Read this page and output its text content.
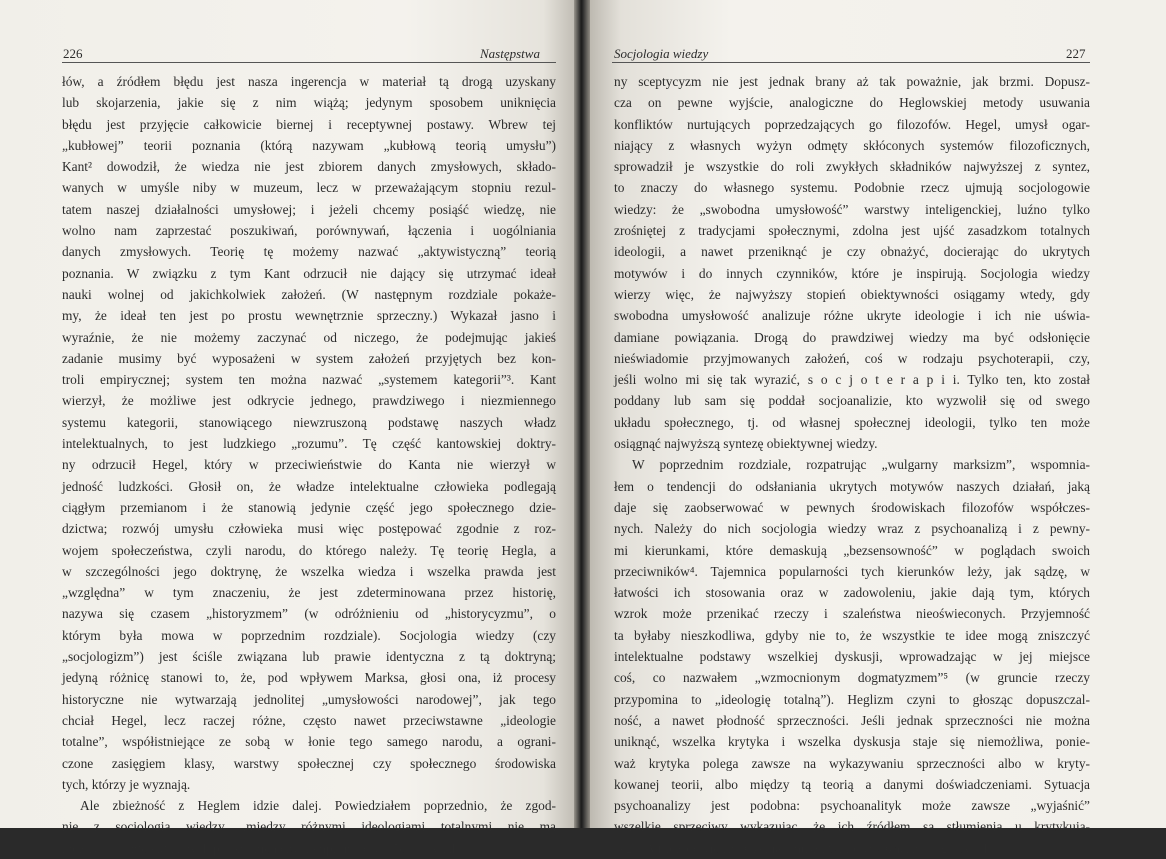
226	Następstwa
łów, a źródłem błędu jest nasza ingerencja w materiał tą drogą uzyskany
lub skojarzenia, jakie się z nim wiążą; jedynym sposobem uniknięcia
błędu jest przyjęcie całkowicie biernej i receptywnej postawy. Wbrew tej
„kubłowej” teorii poznania (którą nazywam „kubłową teorią umysłu”)
Kant² dowodził, że wiedza nie jest zbiorem danych zmysłowych, składo-
wanych w umyśle niby w muzeum, lecz w przeważającym stopniu rezul-
tatem naszej działalności umysłowej; i jeżeli chcemy posiąść wiedzę, nie
wolno nam zaprzestać poszukiwań, porównywań, łączenia i uogólniania
danych zmysłowych. Teorię tę możemy nazwać „aktywistyczną” teorią
poznania. W związku z tym Kant odrzucił nie dający się utrzymać ideał
nauki wolnej od jakichkolwiek założeń. (W następnym rozdziale pokaże-
my, że ideał ten jest po prostu wewnętrznie sprzeczny.) Wykazał jasno i
wyraźnie, że nie możemy zaczynać od niczego, że podejmując jakieś
zadanie musimy być wyposażeni w system założeń przyjętych bez kon-
troli empirycznej; system ten można nazwać „systemem kategorii”³. Kant
wierzył, że możliwe jest odkrycie jednego, prawdziwego i niezmiennego
systemu kategorii, stanowiącego niewzruszoną podstawę naszych władz
intelektualnych, to jest ludzkiego „rozumu”. Tę część kantowskiej doktry-
ny odrzucił Hegel, który w przeciwieństwie do Kanta nie wierzył w
jedność ludzkości. Głosił on, że władze intelektualne człowieka podlegają
ciągłym przemianom i że stanowią jedynie część jego społecznego dzie-
dzictwa; rozwój umysłu człowieka musi więc postępować zgodnie z roz-
wojem społeczeństwa, czyli narodu, do którego należy. Tę teorię Hegla, a
w szczególności jego doktrynę, że wszelka wiedza i wszelka prawda jest
„względna” w tym znaczeniu, że jest zdeterminowana przez historię,
nazywa się czasem „historyzmem” (w odróżnieniu od „historycyzmu”, o
którym była mowa w poprzednim rozdziale). Socjologia wiedzy (czy
„socjologizm”) jest ściśle związana lub prawie identyczna z tą doktryną;
jedyną różnicę stanowi to, że, pod wpływem Marksa, głosi ona, iż procesy
historyczne nie wytwarzają jednolitej „umysłowości narodowej”, jak tego
chciał Hegel, lecz raczej różne, często nawet przeciwstawne „ideologie
totalne”, współistniejące ze sobą w łonie tego samego narodu, a ograni-
czone zasięgiem klasy, warstwy społecznej czy społecznego środowiska
tych, którzy je wyznają.
Ale zbieżność z Heglem idzie dalej. Powiedziałem poprzednio, że zgod-
nie z socjologią wiedzy „między różnymi ideologiami totalnymi nie ma
możliwości intelektualnych porozumień czy kompromisów”. Ten radykal-
Socjologia wiedzy	227
ny sceptycyzm nie jest jednak brany aż tak poważnie, jak brzmi. Dopusz-
cza on pewne wyjście, analogiczne do Heglowskiej metody usuwania
konfliktów nurtujących poprzedzających go filozofów. Hegel, umysł ogar-
niający z własnych wyżyn odmęty skłóconych systemów filozoficznych,
sprowadził je wszystkie do roli zwykłych składników najwyższej z syntez,
to znaczy do własnego systemu. Podobnie rzecz ujmują socjologowie
wiedzy: że „swobodna umysłowość” warstwy inteligenckiej, luźno tylko
zrośniętej z tradycjami społecznymi, zdolna jest ujść zasadzkom totalnych
ideologii, a nawet przeniknąć je czy obnażyć, docierając do ukrytych
motywów i do innych czynników, które je inspirują. Socjologia wiedzy
wierzy więc, że najwyższy stopień obiektywności osiągamy wtedy, gdy
swobodna umysłowość analizuje różne ukryte ideologie i ich nie uświa-
damiane powiązania. Drogą do prawdziwej wiedzy ma być odsłonięcie
nieświadomie przyjmowanych założeń, coś w rodzaju psychoterapii, czy,
jeśli wolno mi się tak wyrazić, s o c j o t e r a p i i. Tylko ten, kto został
poddany lub sam się poddał socjoanalizie, kto wyzwolił się od swego
układu społecznego, tj. od własnej społecznej ideologii, tylko ten może
osiągnąć najwyższą syntezę obiektywnej wiedzy.
W poprzednim rozdziale, rozpatrując „wulgarny marksizm”, wspomnia-
łem o tendencji do odsłaniania ukrytych motywów naszych działań, jaką
daje się zaobserwować w pewnych środowiskach filozofów współczes-
nych. Należy do nich socjologia wiedzy wraz z psychoanalizą i z pewny-
mi kierunkami, które demaskują „bezsensowność” w poglądach swoich
przeciwników⁴. Tajemnica popularności tych kierunków leży, jak sądzę, w
łatwości ich stosowania oraz w zadowoleniu, jakie dają tym, których
wzrok może przenikać rzeczy i szaleństwa nieoświeconych. Przyjemność
ta byłaby nieszkodliwa, gdyby nie to, że wszystkie te idee mogą zniszczyć
intelektualne podstawy wszelkiej dyskusji, wprowadzając w jej miejsce
coś, co nazwałem „wzmocnionym dogmatyzmem”⁵ (w gruncie rzeczy
przypomina to „ideologię totalną”). Heglizm czyni to głosząc dopuszczal-
ność, a nawet płodność sprzeczności. Jeśli jednak sprzeczności nie można
uniknąć, wszelka krytyka i wszelka dyskusja staje się niemożliwa, ponie-
waż krytyka polega zawsze na wykazywaniu sprzeczności albo w kryty-
kowanej teorii, albo między tą teorią a danymi doświadczeniami. Sytuacja
psychoanalizy jest podobna: psychoanalityk może zawsze „wyjaśnić”
wszelkie sprzeciwy wykazując, że ich źródłem są stłumienia u krytykują-
cego. A filozofowie „znaczenia” muszą tylko wykazać, że poglądy ich
